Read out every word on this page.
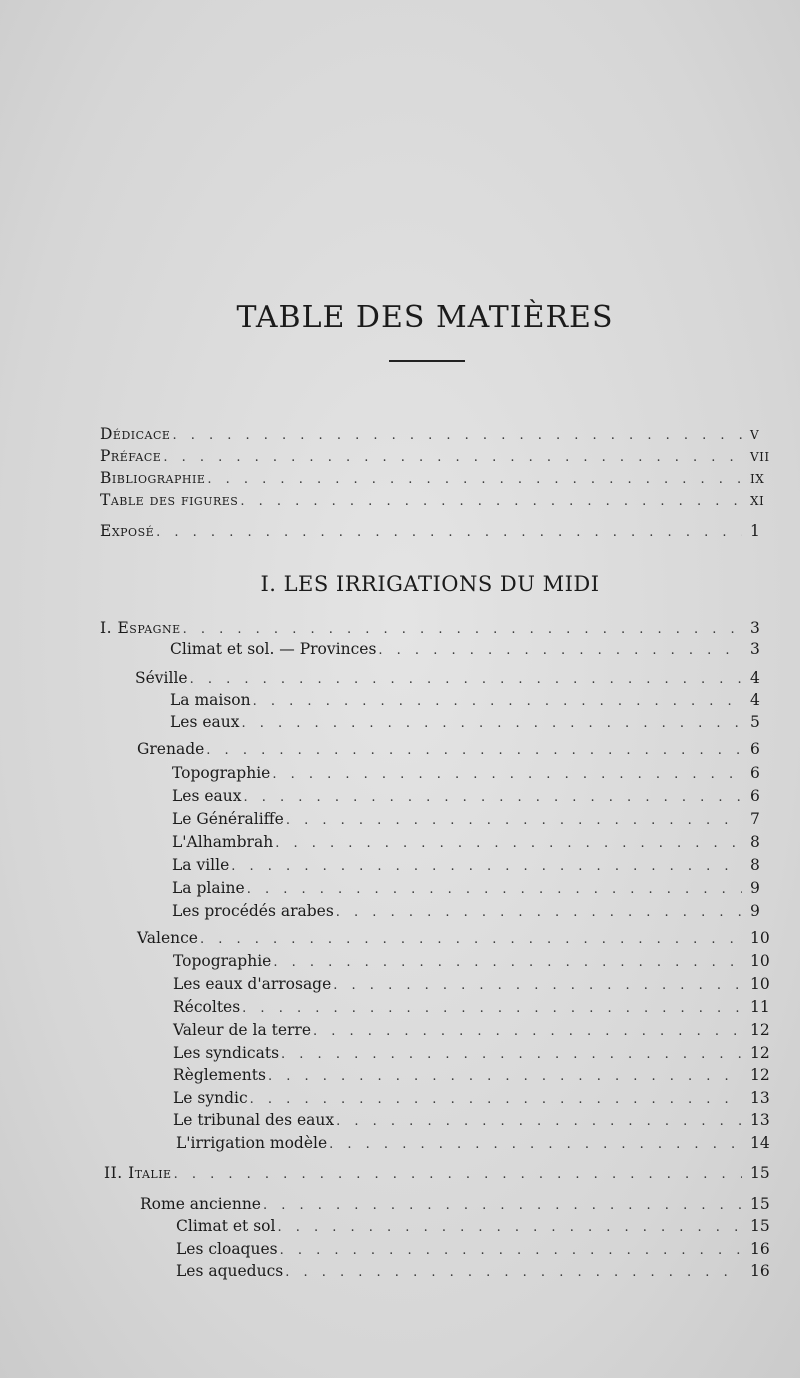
TABLE DES MATIÈRES
Dédicace . . .	V
Préface . . .	VII
Bibliographie . . .	IX
Table des figures . . .	XI
Exposé . . .	1
I. LES IRRIGATIONS DU MIDI
I. Espagne . . .	3
Climat et sol. — Provinces . . .	3
Séville . . .	4
La maison . . .	4
Les eaux . . .	5
Grenade . . .	6
Topographie . . .	6
Les eaux . . .	6
Le Généraliffe . . .	7
L'Alhambrah . . .	8
La ville . . .	8
La plaine . . .	9
Les procédés arabes . . .	9
Valence . . .	10
Topographie . . .	10
Les eaux d'arrosage . . .	10
Récoltes . . .	11
Valeur de la terre . . .	12
Les syndicats . . .	12
Règlements . . .	12
Le syndic . . .	13
Le tribunal des eaux . . .	13
L'irrigation modèle . . .	14
II. Italie . . .	15
Rome ancienne . . .	15
Climat et sol . . .	15
Les cloaques . . .	16
Les aqueducs . . .	16
